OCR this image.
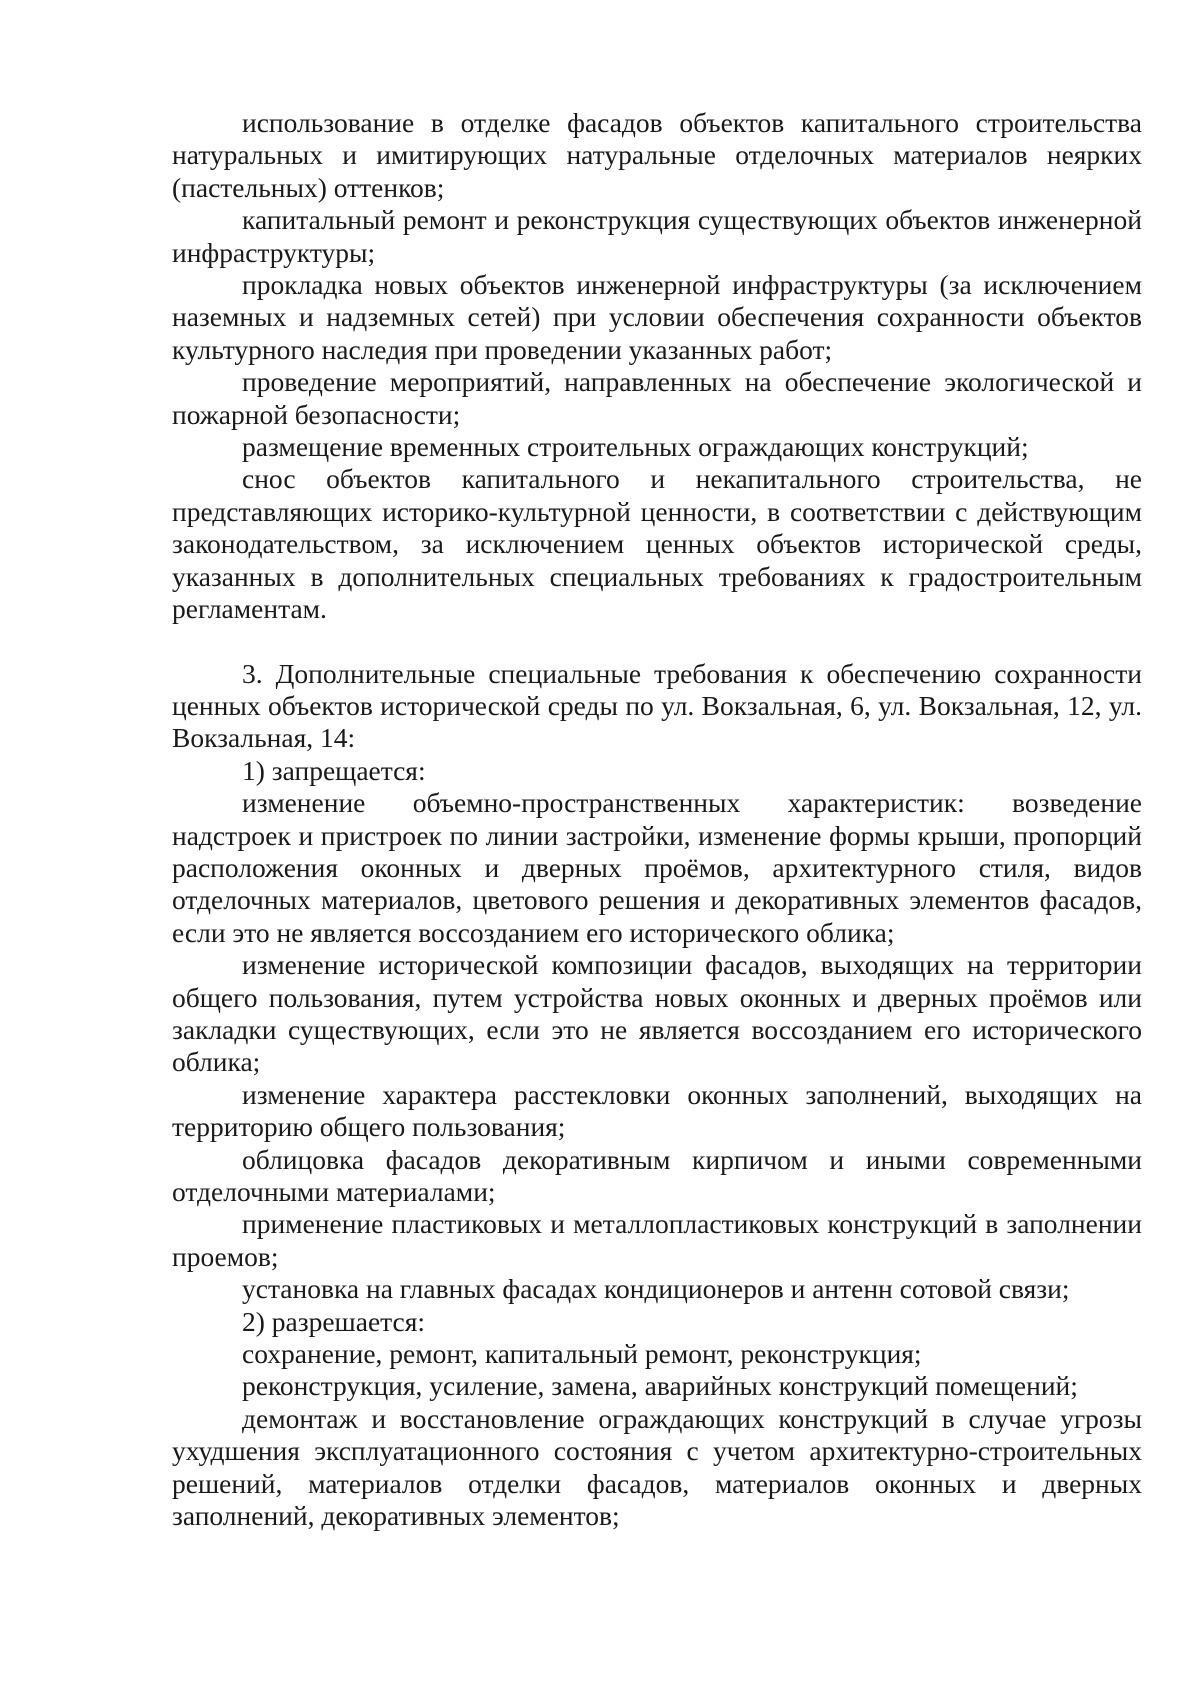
использование в отделке фасадов объектов капитального строительства натуральных и имитирующих натуральные отделочных материалов неярких (пастельных) оттенков;

капитальный ремонт и реконструкция существующих объектов инженерной инфраструктуры;

прокладка новых объектов инженерной инфраструктуры (за исключением наземных и надземных сетей) при условии обеспечения сохранности объектов культурного наследия при проведении указанных работ;

проведение мероприятий, направленных на обеспечение экологической и пожарной безопасности;

размещение временных строительных ограждающих конструкций;

снос объектов капитального и некапитального строительства, не представляющих историко-культурной ценности, в соответствии с действующим законодательством, за исключением ценных объектов исторической среды, указанных в дополнительных специальных требованиях к градостроительным регламентам.

3. Дополнительные специальные требования к обеспечению сохранности ценных объектов исторической среды по ул. Вокзальная, 6, ул. Вокзальная, 12, ул. Вокзальная, 14:

1) запрещается:

изменение объемно-пространственных характеристик: возведение надстроек и пристроек по линии застройки, изменение формы крыши, пропорций расположения оконных и дверных проёмов, архитектурного стиля, видов отделочных материалов, цветового решения и декоративных элементов фасадов, если это не является воссозданием его исторического облика;

изменение исторической композиции фасадов, выходящих на территории общего пользования, путем устройства новых оконных и дверных проёмов или закладки существующих, если это не является воссозданием его исторического облика;

изменение характера расстекловки оконных заполнений, выходящих на территорию общего пользования;

облицовка фасадов декоративным кирпичом и иными современными отделочными материалами;

применение пластиковых и металлопластиковых конструкций в заполнении проемов;

установка на главных фасадах кондиционеров и антенн сотовой связи;

2) разрешается:

сохранение, ремонт, капитальный ремонт, реконструкция;

реконструкция, усиление, замена, аварийных конструкций помещений;

демонтаж и восстановление ограждающих конструкций в случае угрозы ухудшения эксплуатационного состояния с учетом архитектурно-строительных решений, материалов отделки фасадов, материалов оконных и дверных заполнений, декоративных элементов;
